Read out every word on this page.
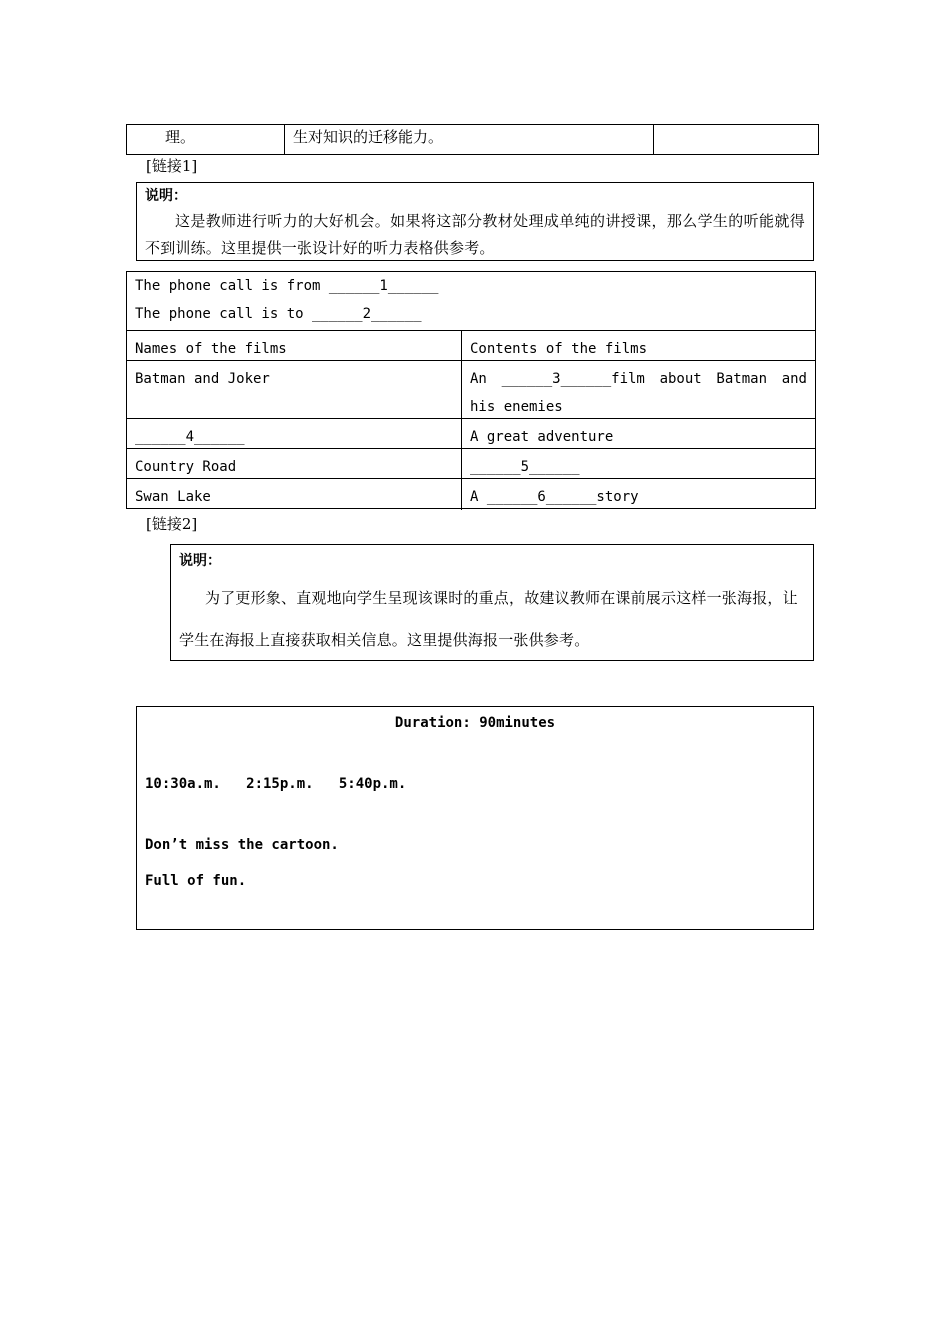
理。	生对知识的迁移能力。
[链接1]
说明：
这是教师进行听力的大好机会。如果将这部分教材处理成单纯的讲授课，那么学生的听能就得不到训练。这里提供一张设计好的听力表格供参考。
The phone call is from ______1______
The phone call is to ______2______
Names of the films	Contents of the films
Batman and Joker	An ______3______film about Batman and his enemies
______4______	A great adventure
Country Road	______5______
Swan Lake	A ______6______story
[链接2]
说明：
为了更形象、直观地向学生呈现该课时的重点，故建议教师在课前展示这样一张海报，让学生在海报上直接获取相关信息。这里提供海报一张供参考。
Duration: 90minutes
10:30a.m.   2:15p.m.   5:40p.m.
Don’t miss the cartoon.
Full of fun.
